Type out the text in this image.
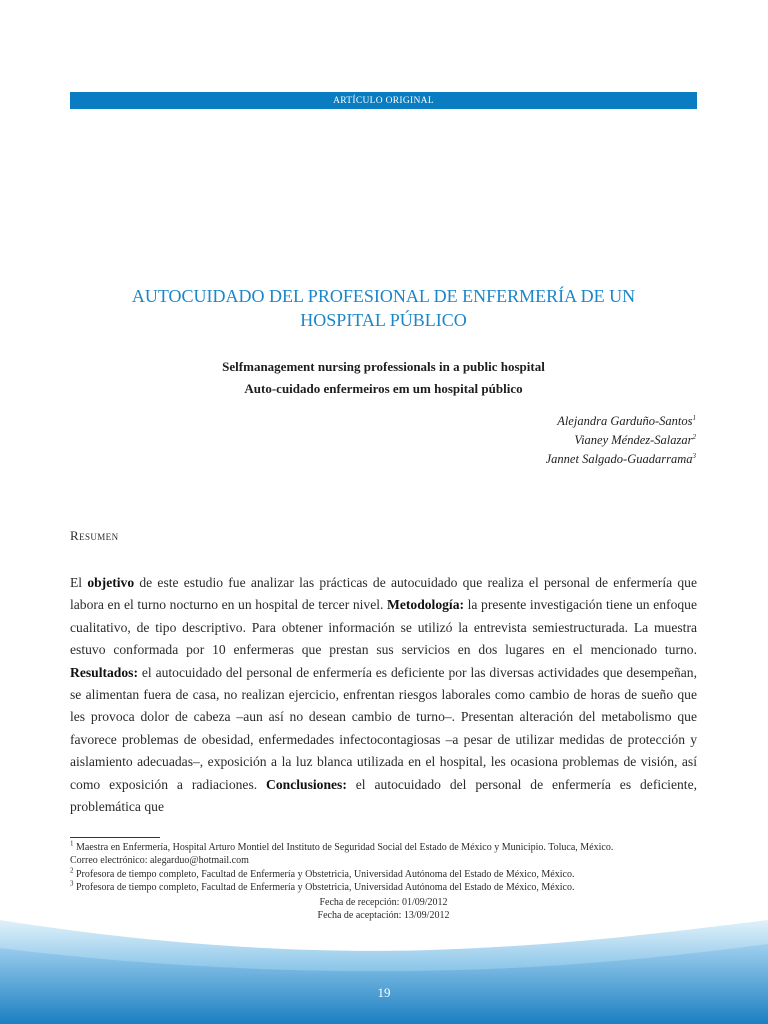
ARTÍCULO ORIGINAL
AUTOCUIDADO DEL PROFESIONAL DE ENFERMERÍA DE UN
HOSPITAL PÚBLICO
Selfmanagement nursing professionals in a public hospital
Auto-cuidado enfermeiros em um hospital público
Alejandra Garduño-Santos$^1$
Vianey Méndez-Salazar$^2$
Jannet Salgado-Guadarrama$^3$
Resumen

El objetivo de este estudio fue analizar las prácticas de autocuidado que realiza el personal de enfermería que labora en el turno nocturno en un hospital de tercer nivel. Metodología: la presente investigación tiene un enfoque cualitativo, de tipo descriptivo. Para obtener información se utilizó la entrevista semiestructurada. La muestra estuvo conformada por 10 enfermeras que prestan sus servicios en dos lugares en el mencionado turno. Resultados: el autocuidado del personal de enfermería es deficiente por las diversas actividades que desempeñan, se alimentan fuera de casa, no realizan ejercicio, enfrentan riesgos laborales como cambio de horas de sueño que les provoca dolor de cabeza –aun así no desean cambio de turno–. Presentan alteración del metabolismo que favorece problemas de obesidad, enfermedades infectocontagiosas –a pesar de utilizar medidas de protección y aislamiento adecuadas–, exposición a la luz blanca utilizada en el hospital, les ocasiona problemas de visión, así como exposición a radiaciones. Conclusiones: el autocuidado del personal de enfermería es deficiente, problemática que

$^1$ Maestra en Enfermería, Hospital Arturo Montiel del Instituto de Seguridad Social del Estado de México y Municipio. Toluca, México.
Correo electrónico: alegarduo@hotmail.com
$^2$ Profesora de tiempo completo, Facultad de Enfermería y Obstetricia, Universidad Autónoma del Estado de México, México.
$^3$ Profesora de tiempo completo, Facultad de Enfermería y Obstetricia, Universidad Autónoma del Estado de México, México.
Fecha de recepción: 01/09/2012
Fecha de aceptación: 13/09/2012
19
